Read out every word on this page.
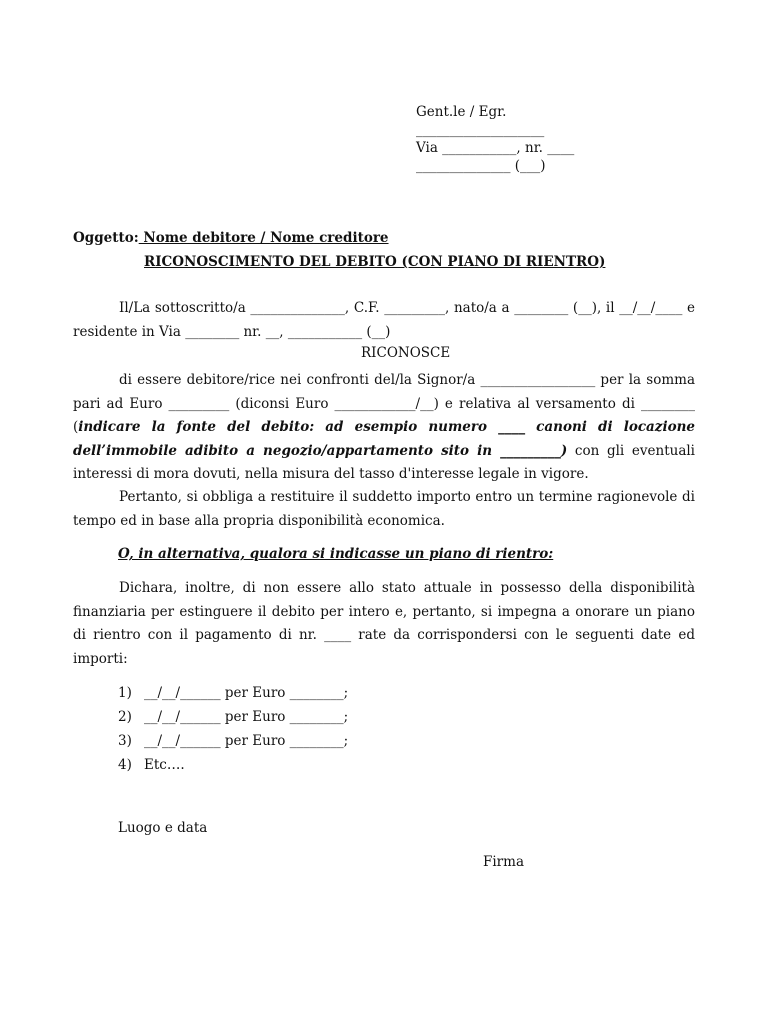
Gent.le / Egr.
___________________
Via ___________, nr. ____
______________ (___)
Oggetto: Nome debitore / Nome creditore
RICONOSCIMENTO DEL DEBITO (CON PIANO DI RIENTRO)
Il/La sottoscritto/a ______________, C.F. _________, nato/a a ________ (__), il __/__/____ e residente in Via ________ nr. __, ___________ (__)
RICONOSCE
di essere debitore/rice nei confronti del/la Signor/a _________________ per la somma pari ad Euro _________ (diconsi Euro ____________/__) e relativa al versamento di ________ (indicare la fonte del debito: ad esempio numero ____ canoni di locazione dell’immobile adibito a negozio/appartamento sito in _________) con gli eventuali interessi di mora dovuti, nella misura del tasso d'interesse legale in vigore.
Pertanto, si obbliga a restituire il suddetto importo entro un termine ragionevole di tempo ed in base alla propria disponibilità economica.
O, in alternativa, qualora si indicasse un piano di rientro:
Dichara, inoltre, di non essere allo stato attuale in possesso della disponibilità finanziaria per estinguere il debito per intero e, pertanto, si impegna a onorare un piano di rientro con il pagamento di nr. ____ rate da corrispondersi con le seguenti date ed importi:
1) __/__/______ per Euro ________;
2) __/__/______ per Euro ________;
3) __/__/______ per Euro ________;
4) Etc….
Luogo e data
Firma
